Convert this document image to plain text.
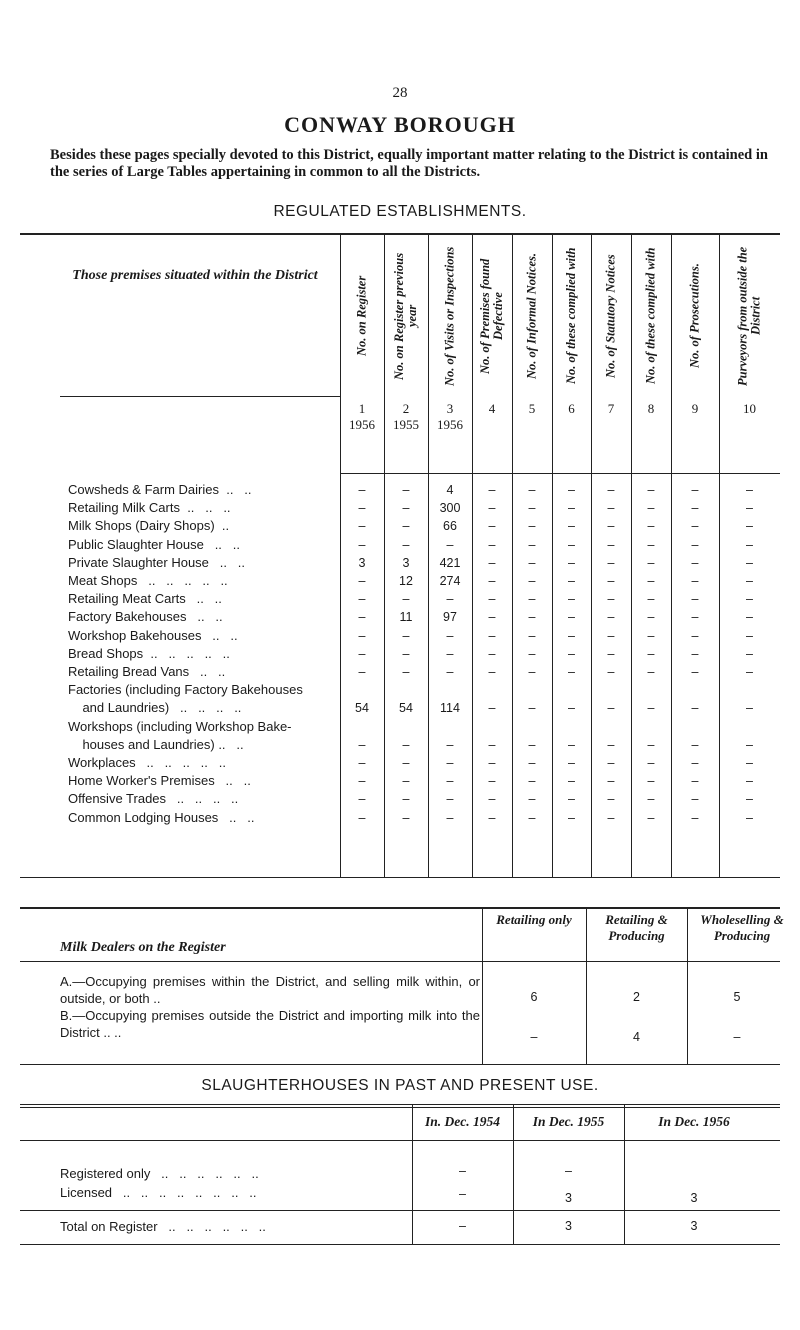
28
CONWAY BOROUGH
Besides these pages specially devoted to this District, equally important matter relating to the District is contained in the series of Large Tables appertaining in common to all the Districts.
REGULATED ESTABLISHMENTS.
Those premises situated within the District
No. on Register
1
1956
No. on Register previous year
2
1955
No. of Visits or Inspections
3
1956
No. of Premises found Defective
4
No. of Informal Notices.
5
No. of these complied with
6
No. of Statutory Notices
7
No. of these complied with
8
No. of Prosecutions.
9
Purveyors from outside the District
10
Cowsheds & Farm Dairies  ..   ..	–	–	4	–	–	–	–	–	–	–
Retailing Milk Carts  ..   ..   ..	–	–	300	–	–	–	–	–	–	–
Milk Shops (Dairy Shops)  ..	–	–	66	–	–	–	–	–	–	–
Public Slaughter House   ..   ..	–	–	–	–	–	–	–	–	–	–
Private Slaughter House   ..   ..	3	3	421	–	–	–	–	–	–	–
Meat Shops   ..   ..   ..   ..   ..	–	12	274	–	–	–	–	–	–	–
Retailing Meat Carts   ..   ..	–	–	–	–	–	–	–	–	–	–
Factory Bakehouses   ..   ..	–	11	97	–	–	–	–	–	–	–
Workshop Bakehouses   ..   ..	–	–	–	–	–	–	–	–	–	–
Bread Shops  ..   ..   ..   ..   ..	–	–	–	–	–	–	–	–	–	–
Retailing Bread Vans   ..   ..	–	–	–	–	–	–	–	–	–	–
Factories (including Factory Bakehouses
and Laundries)   ..   ..   ..   ..	54	54	114	–	–	–	–	–	–	–
Workshops (including Workshop Bake-
houses and Laundries) ..   ..	–	–	–	–	–	–	–	–	–	–
Workplaces   ..   ..   ..   ..   ..	–	–	–	–	–	–	–	–	–	–
Home Worker's Premises   ..   ..	–	–	–	–	–	–	–	–	–	–
Offensive Trades   ..   ..   ..   ..	–	–	–	–	–	–	–	–	–	–
Common Lodging Houses   ..   ..	–	–	–	–	–	–	–	–	–	–
Milk Dealers on the Register
Retailing only	Retailing & Producing
Wholeselling & Producing
A.—Occupying premises within the District, and selling milk within, or outside, or both ..	6	2	5
B.—Occupying premises outside the District and importing milk into the District .. ..	–	4	–
SLAUGHTERHOUSES IN PAST AND PRESENT USE.
In. Dec. 1954	In Dec. 1955	In Dec. 1956
Registered only   ..   ..   ..   ..   ..   ..	–	–
Licensed   ..   ..   ..   ..   ..   ..   ..   ..	–	3	3
Total on Register   ..   ..   ..   ..   ..   ..	–	3	3
